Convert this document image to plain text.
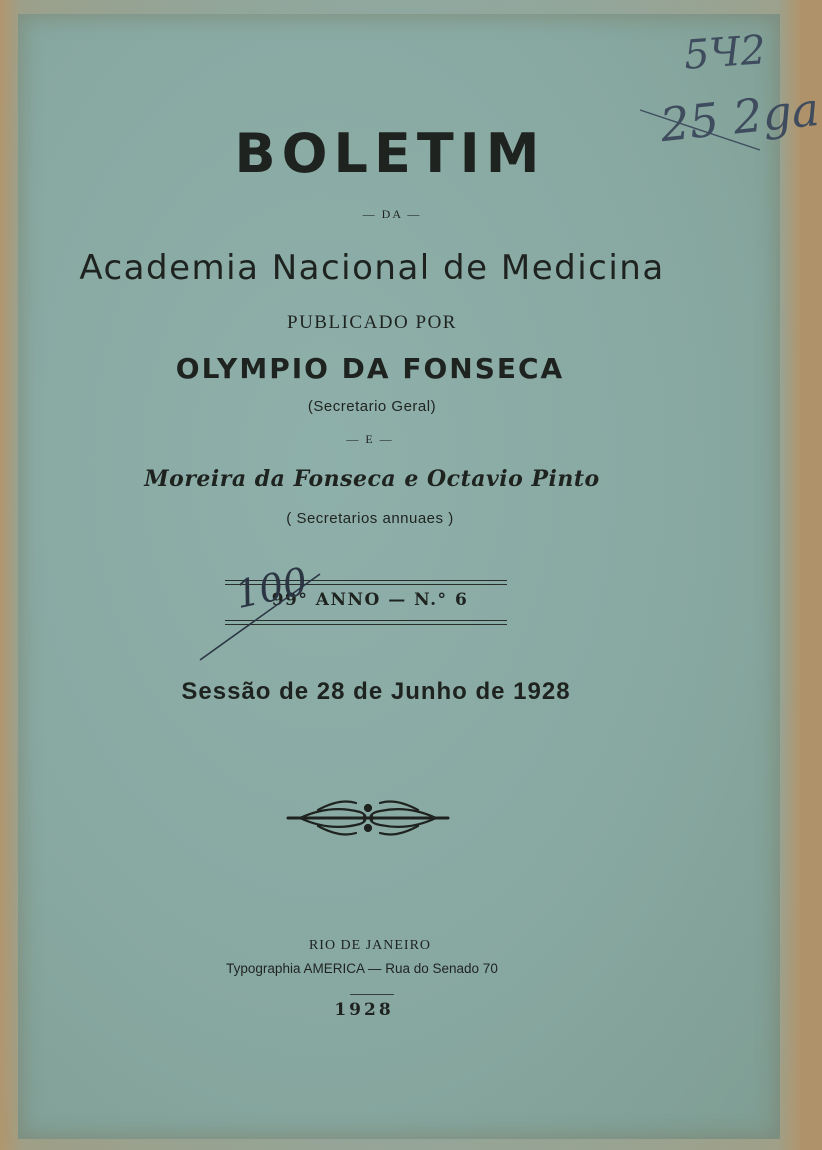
BOLETIM

— DA —

Academia Nacional de Medicina

PUBLICADO POR

OLYMPIO DA FONSECA

(Secretario Geral)

— E —

Moreira da Fonseca e Octavio Pinto

( Secretarios annuaes )

99° ANNO — N.° 6

Sessão de 28 de Junho de 1928

RIO DE JANEIRO

Typographia AMERICA — Rua do Senado 70

1928

5Ч2
25 2ga
100
